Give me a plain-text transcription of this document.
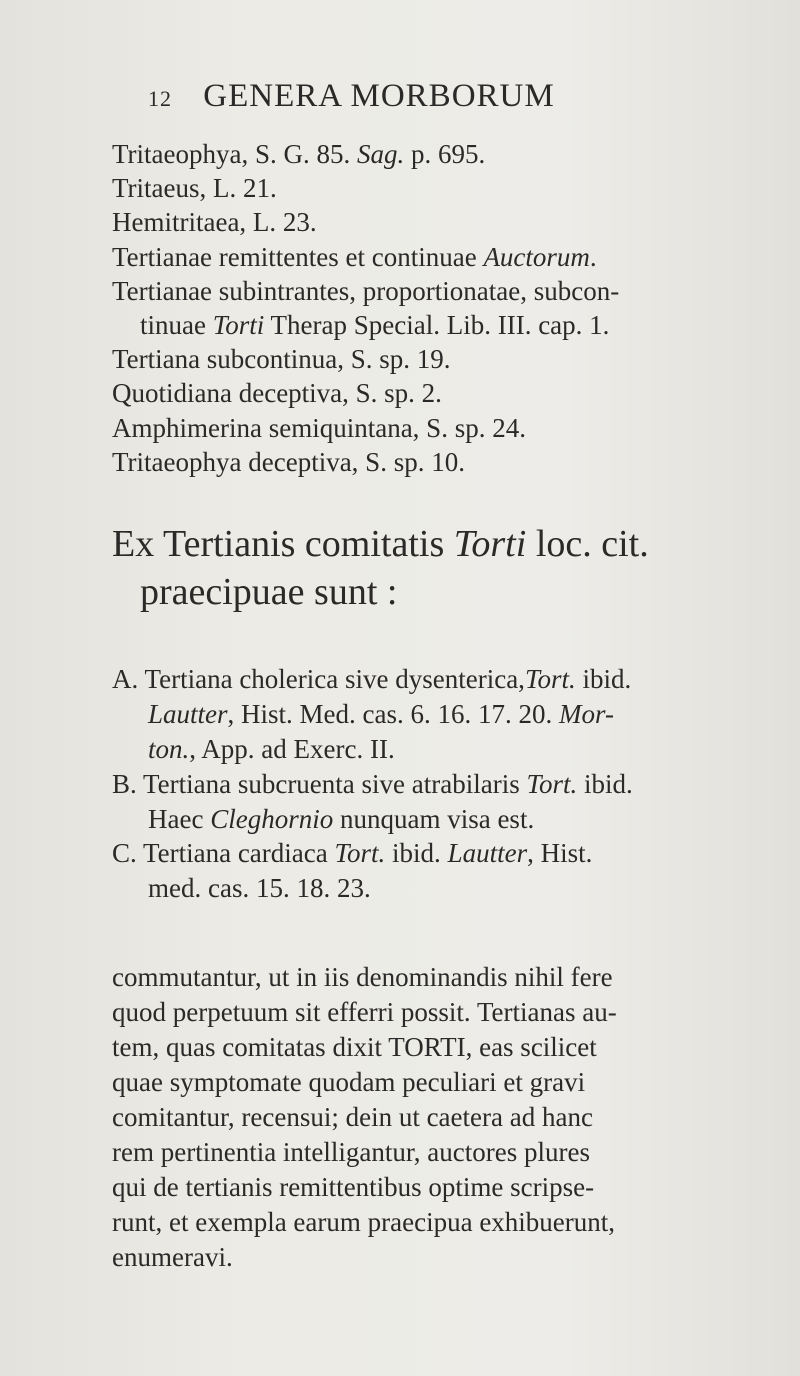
12 GENERA MORBORUM
Tritaeophya, S. G. 85. Sag. p. 695.
Tritaeus, L. 21.
Hemitritaea, L. 23.
Tertianae remittentes et continuae Auctorum.
Tertianae subintrantes, proportionatae, subcon-
tinuae Torti Therap Special. Lib. III. cap. 1.
Tertiana subcontinua, S. sp. 19.
Quotidiana deceptiva, S. sp. 2.
Amphimerina semiquintana, S. sp. 24.
Tritaeophya deceptiva, S. sp. 10.
Ex Tertianis comitatis Torti loc. cit.
praecipuae sunt :
A. Tertiana cholerica sive dysenterica,Tort. ibid.
Lautter, Hist. Med. cas. 6. 16. 17. 20. Mor-
ton., App. ad Exerc. II.
B. Tertiana subcruenta sive atrabilaris Tort. ibid.
Haec Cleghornio nunquam visa est.
C. Tertiana cardiaca Tort. ibid. Lautter, Hist.
med. cas. 15. 18. 23.
commutantur, ut in iis denominandis nihil fere
quod perpetuum sit efferri possit. Tertianas au-
tem, quas comitatas dixit TORTI, eas scilicet
quae symptomate quodam peculiari et gravi
comitantur, recensui; dein ut caetera ad hanc
rem pertinentia intelligantur, auctores plures
qui de tertianis remittentibus optime scripse-
runt, et exempla earum praecipua exhibuerunt,
enumeravi.
